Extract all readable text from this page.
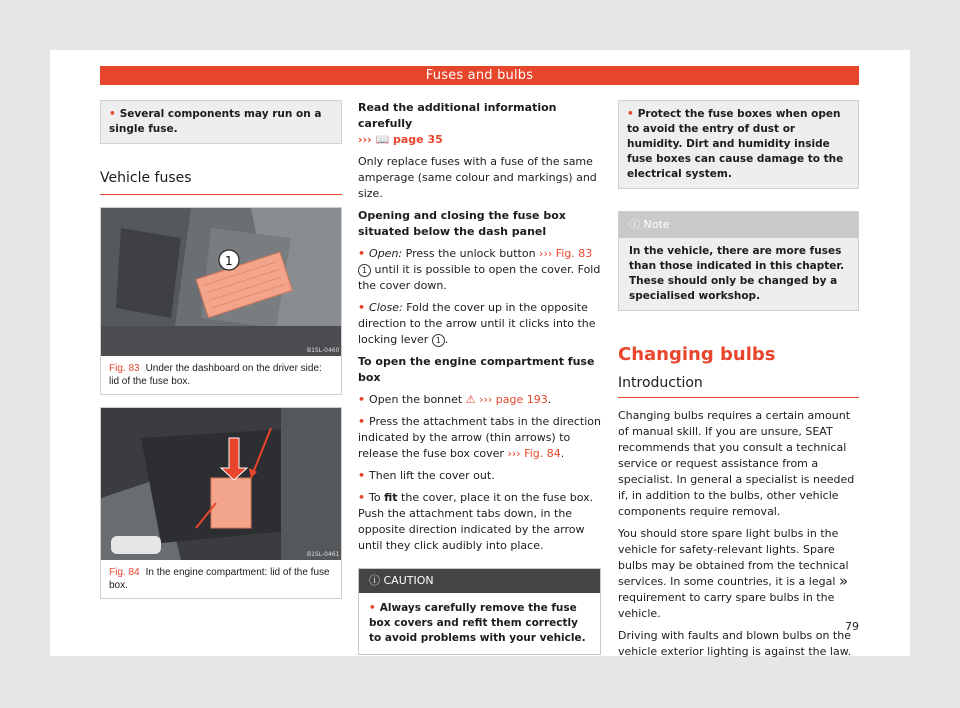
Fuses and bulbs
• Several components may run on a single fuse.
Vehicle fuses
1
B1SL-0460
Fig. 83 Under the dashboard on the driver side: lid of the fuse box.
B1SL-0461
Fig. 84 In the engine compartment: lid of the fuse box.

Read the additional information carefully
››› 📖 page 35

Only replace fuses with a fuse of the same amperage (same colour and markings) and size.

Opening and closing the fuse box situated below the dash panel

• Open: Press the unlock button ››› Fig. 83 1 until it is possible to open the cover. Fold the cover down.

• Close: Fold the cover up in the opposite direction to the arrow until it clicks into the locking lever 1 .

To open the engine compartment fuse box

• Open the bonnet ⚠ ››› page 193.

• Press the attachment tabs in the direction indicated by the arrow (thin arrows) to release the fuse box cover ››› Fig. 84.

• Then lift the cover out.

• To fit the cover, place it on the fuse box. Push the attachment tabs down, in the opposite direction indicated by the arrow until they click audibly into place.

ⓘ CAUTION
• Always carefully remove the fuse box covers and refit them correctly to avoid problems with your vehicle.
• Protect the fuse boxes when open to avoid the entry of dust or humidity. Dirt and humidity inside fuse boxes can cause damage to the electrical system.
ⓘ Note
In the vehicle, there are more fuses than those indicated in this chapter. These should only be changed by a specialised workshop.
Changing bulbs
Introduction

Changing bulbs requires a certain amount of manual skill. If you are unsure, SEAT recommends that you consult a technical service or request assistance from a specialist. In general a specialist is needed if, in addition to the bulbs, other vehicle components require removal.

You should store spare light bulbs in the vehicle for safety-relevant lights. Spare bulbs may be obtained from the technical services. In some countries, it is a legal requirement to carry spare bulbs in the vehicle.

Driving with faults and blown bulbs on the vehicle exterior lighting is against the law.

»
79
